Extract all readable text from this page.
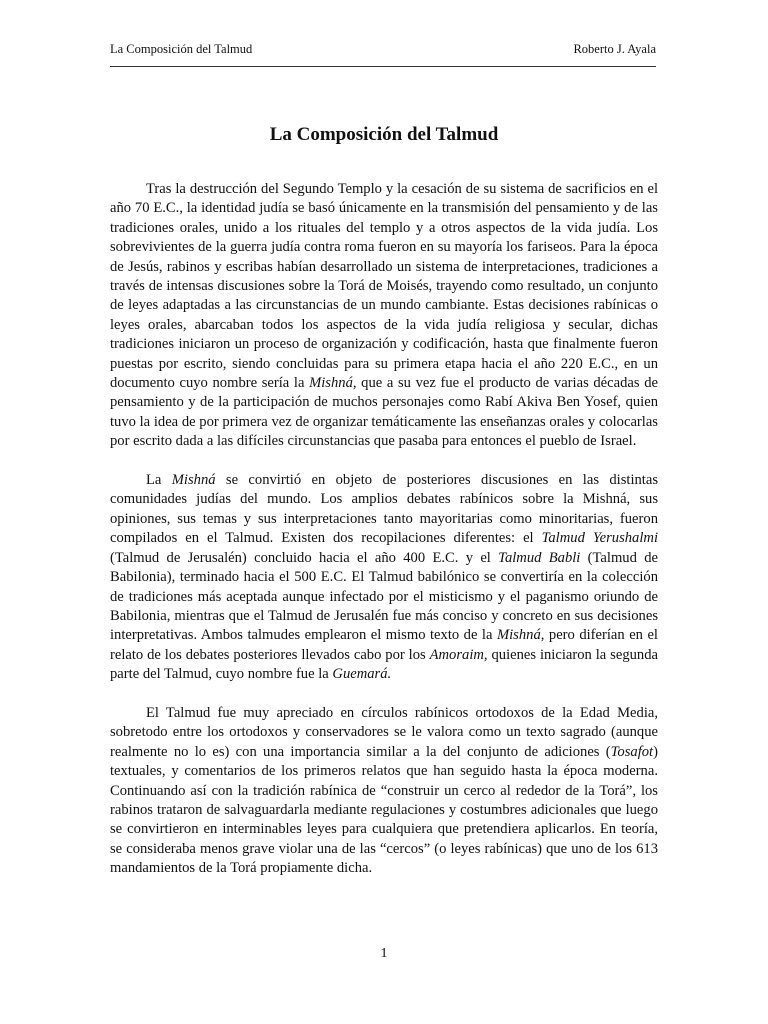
La Composición del Talmud	Roberto J. Ayala
La Composición del Talmud

Tras la destrucción del Segundo Templo y la cesación de su sistema de sacrificios en el año 70 E.C., la identidad judía se basó únicamente en la transmisión del pensamiento y de las tradiciones orales, unido a los rituales del templo y a otros aspectos de la vida judía. Los sobrevivientes de la guerra judía contra roma fueron en su mayoría los fariseos. Para la época de Jesús, rabinos y escribas habían desarrollado un sistema de interpretaciones, tradiciones a través de intensas discusiones sobre la Torá de Moisés, trayendo como resultado, un conjunto de leyes adaptadas a las circunstancias de un mundo cambiante. Estas decisiones rabínicas o leyes orales, abarcaban todos los aspectos de la vida judía religiosa y secular, dichas tradiciones iniciaron un proceso de organización y codificación, hasta que finalmente fueron puestas por escrito, siendo concluidas para su primera etapa hacia el año 220 E.C., en un documento cuyo nombre sería la Mishná, que a su vez fue el producto de varias décadas de pensamiento y de la participación de muchos personajes como Rabí Akiva Ben Yosef, quien tuvo la idea de por primera vez de organizar temáticamente las enseñanzas orales y colocarlas por escrito dada a las difíciles circunstancias que pasaba para entonces el pueblo de Israel.

La Mishná se convirtió en objeto de posteriores discusiones en las distintas comunidades judías del mundo. Los amplios debates rabínicos sobre la Mishná, sus opiniones, sus temas y sus interpretaciones tanto mayoritarias como minoritarias, fueron compilados en el Talmud. Existen dos recopilaciones diferentes: el Talmud Yerushalmi (Talmud de Jerusalén) concluido hacia el año 400 E.C. y el Talmud Babli (Talmud de Babilonia), terminado hacia el 500 E.C. El Talmud babilónico se convertiría en la colección de tradiciones más aceptada aunque infectado por el misticismo y el paganismo oriundo de Babilonia, mientras que el Talmud de Jerusalén fue más conciso y concreto en sus decisiones interpretativas. Ambos talmudes emplearon el mismo texto de la Mishná, pero diferían en el relato de los debates posteriores llevados cabo por los Amoraim, quienes iniciaron la segunda parte del Talmud, cuyo nombre fue la Guemará.

El Talmud fue muy apreciado en círculos rabínicos ortodoxos de la Edad Media, sobretodo entre los ortodoxos y conservadores se le valora como un texto sagrado (aunque realmente no lo es) con una importancia similar a la del conjunto de adiciones (Tosafot) textuales, y comentarios de los primeros relatos que han seguido hasta la época moderna. Continuando así con la tradición rabínica de “construir un cerco al rededor de la Torá”, los rabinos trataron de salvaguardarla mediante regulaciones y costumbres adicionales que luego se convirtieron en interminables leyes para cualquiera que pretendiera aplicarlos. En teoría, se consideraba menos grave violar una de las “cercos” (o leyes rabínicas) que uno de los 613 mandamientos de la Torá propiamente dicha.

1
